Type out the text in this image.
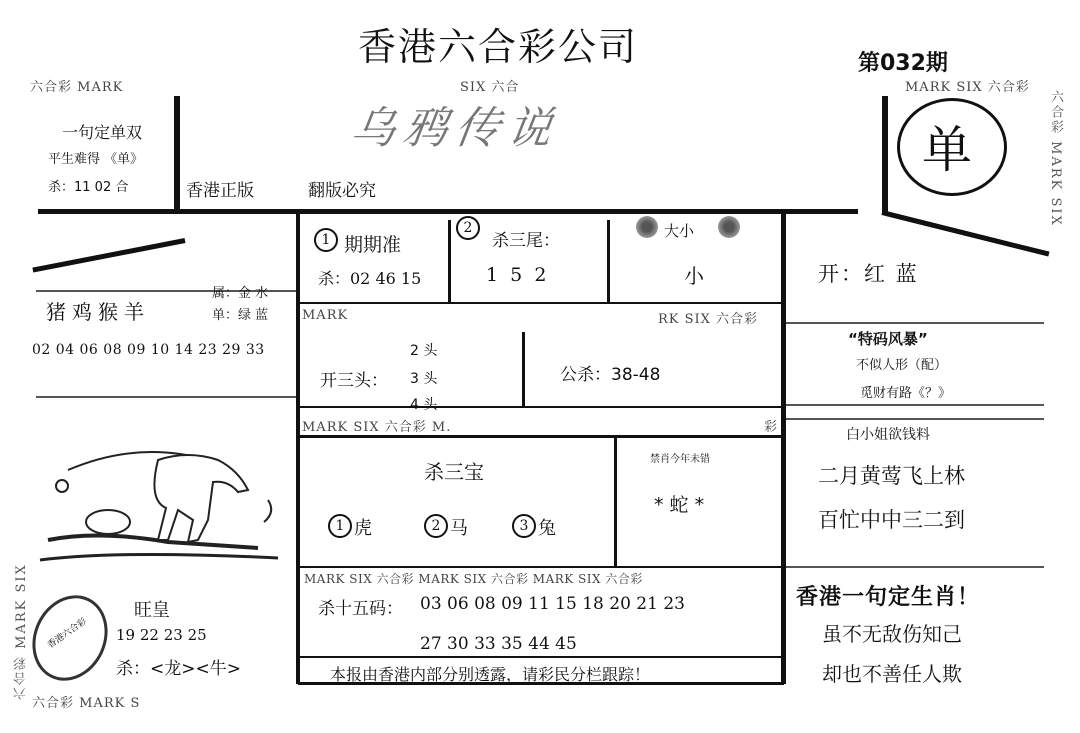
六合彩 MARK SIX
六合彩 MARK SIX
六合彩 MARK	SIX 六合	MARK SIX 六合彩
香港六合彩公司	第032期
乌鸦传说
香港正版	翻版必究
单
一句定单双
平生难得 《单》
杀：11 02 合
猪鸡猴羊
属：金 水
单：绿 蓝
02 04 06 08 09 10 14 23 29 33
香港六合彩
旺皇
19 22 23 25
杀：<龙><牛>
六合彩 MARK S
1 期期准
杀：02 46 15
2
杀三尾：
1  5  2
大小
小	开：红 蓝
MARK	RK SIX 六合彩
开三头：
2 头
3 头
4 头
公杀：38-48
“特码风暴”
不似人形（配）
觅财有路《？》
MARK SIX 六合彩 M.	彩
杀三宝
1 虎	2 马	3 兔
禁肖今年未错
* 蛇 *
白小姐欲钱料
二月黄莺飞上林
百忙中中三二到
MARK SIX 六合彩 MARK SIX 六合彩 MARK SIX 六合彩
杀十五码： 03 06 08 09 11 15 18 20 21 23
27 30 33 35 44 45
本报由香港内部分别透露，请彩民分栏跟踪！
香港一句定生肖！
虽不无敌伤知己
却也不善任人欺
